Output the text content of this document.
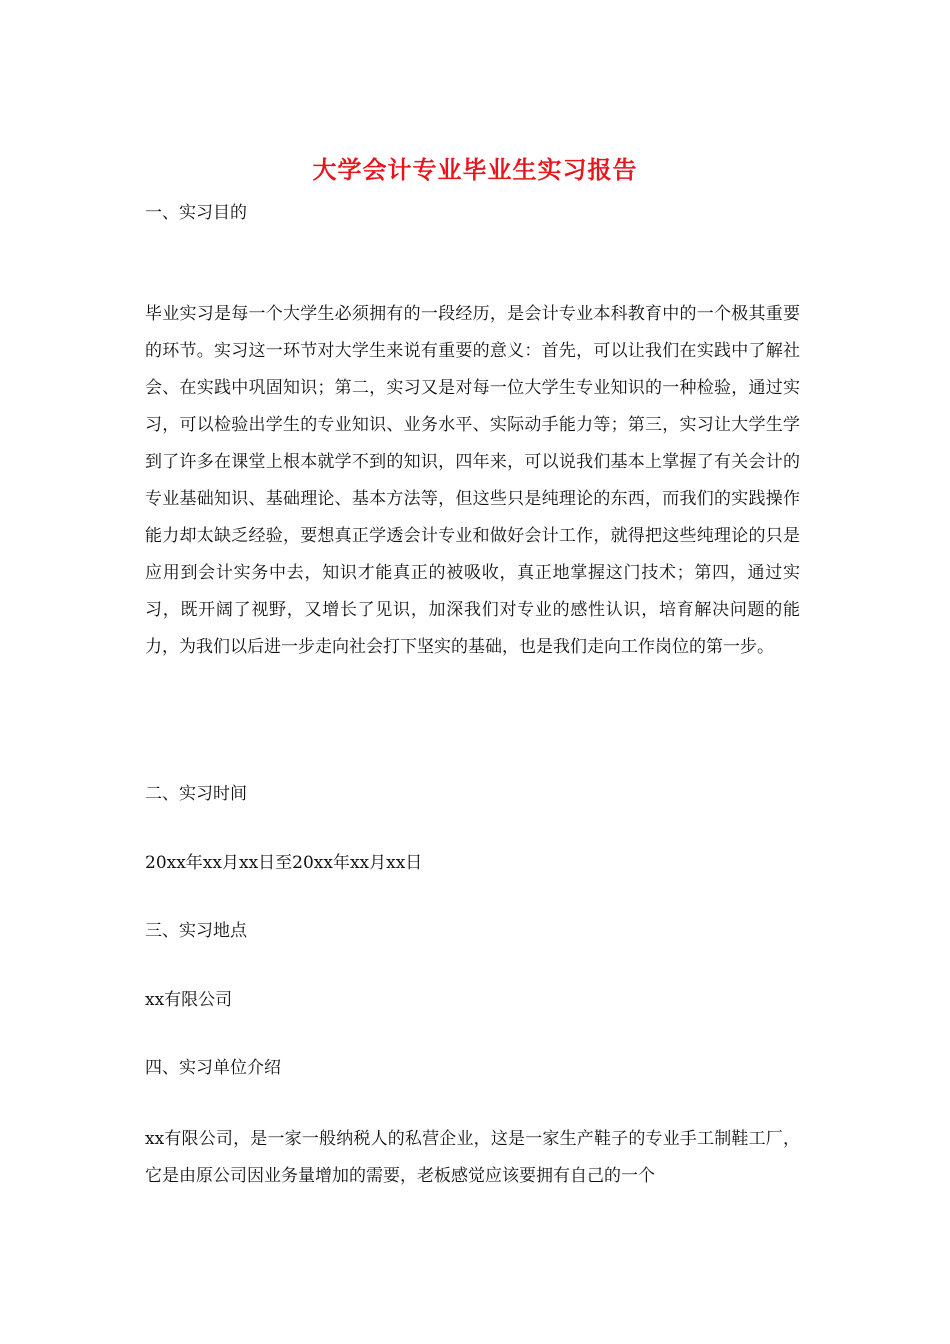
大学会计专业毕业生实习报告
一、实习目的
毕业实习是每一个大学生必须拥有的一段经历，是会计专业本科教育中的一个极其重要的环节。实习这一环节对大学生来说有重要的意义：首先，可以让我们在实践中了解社会、在实践中巩固知识；第二，实习又是对每一位大学生专业知识的一种检验，通过实习，可以检验出学生的专业知识、业务水平、实际动手能力等；第三，实习让大学生学到了许多在课堂上根本就学不到的知识，四年来，可以说我们基本上掌握了有关会计的专业基础知识、基础理论、基本方法等，但这些只是纯理论的东西，而我们的实践操作能力却太缺乏经验，要想真正学透会计专业和做好会计工作，就得把这些纯理论的只是应用到会计实务中去，知识才能真正的被吸收，真正地掌握这门技术；第四，通过实习，既开阔了视野，又增长了见识，加深我们对专业的感性认识，培育解决问题的能力，为我们以后进一步走向社会打下坚实的基础，也是我们走向工作岗位的第一步。
二、实习时间
20xx年xx月xx日至20xx年xx月xx日
三、实习地点
xx有限公司
四、实习单位介绍
xx有限公司，是一家一般纳税人的私营企业，这是一家生产鞋子的专业手工制鞋工厂，它是由原公司因业务量增加的需要，老板感觉应该要拥有自己的一个
